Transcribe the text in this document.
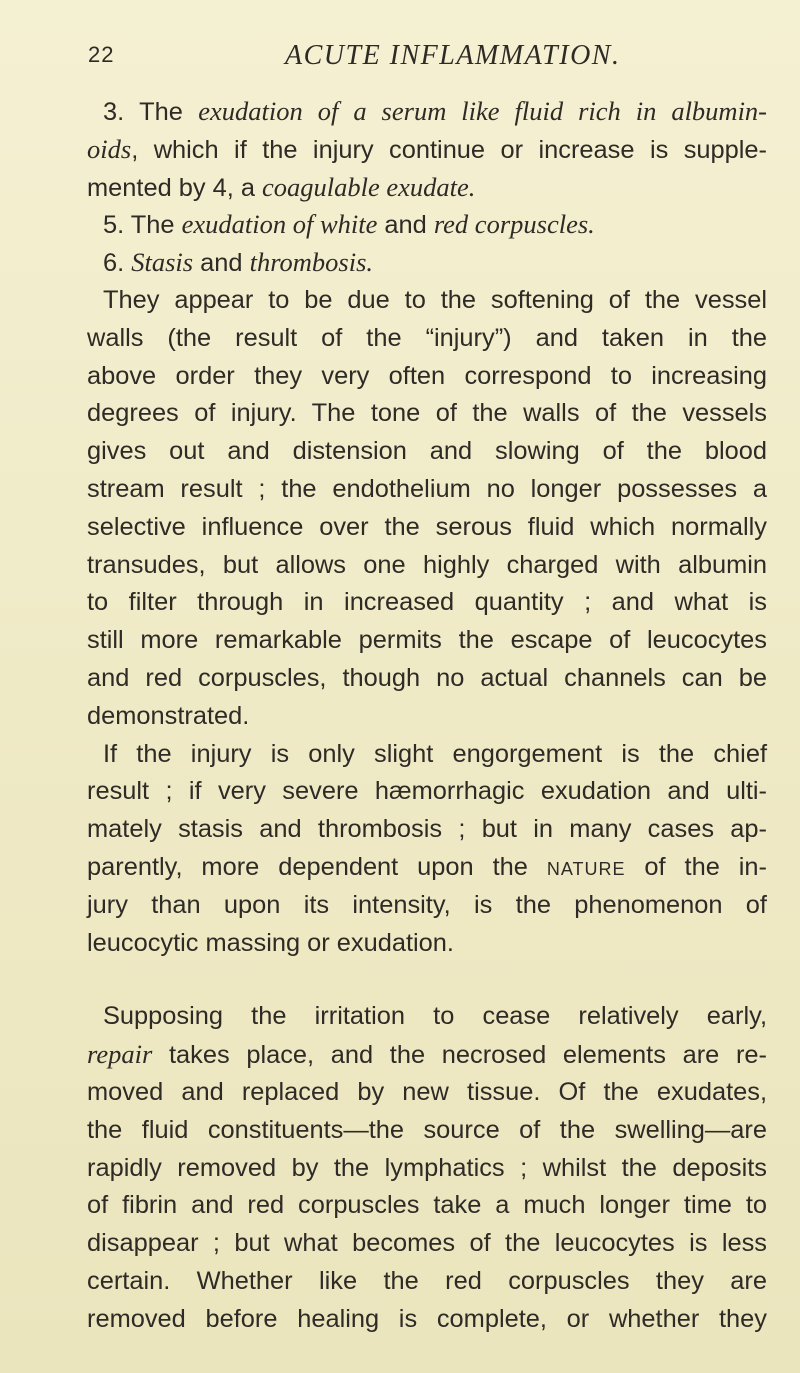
22	ACUTE INFLAMMATION.
3. The exudation of a serum like fluid rich in albumin-
oids, which if the injury continue or increase is supple-
mented by 4, a coagulable exudate.
5. The exudation of white and red corpuscles.
6. Stasis and thrombosis.
They appear to be due to the softening of the vessel
walls (the result of the “injury”) and taken in the
above order they very often correspond to increasing
degrees of injury. The tone of the walls of the vessels
gives out and distension and slowing of the blood
stream result ; the endothelium no longer possesses a
selective influence over the serous fluid which normally
transudes, but allows one highly charged with albumin
to filter through in increased quantity ; and what is
still more remarkable permits the escape of leucocytes
and red corpuscles, though no actual channels can be
demonstrated.
If the injury is only slight engorgement is the chief
result ; if very severe hæmorrhagic exudation and ulti-
mately stasis and thrombosis ; but in many cases ap-
parently, more dependent upon the nature of the in-
jury than upon its intensity, is the phenomenon of
leucocytic massing or exudation.
Supposing the irritation to cease relatively early,
repair takes place, and the necrosed elements are re-
moved and replaced by new tissue. Of the exudates,
the fluid constituents—the source of the swelling—are
rapidly removed by the lymphatics ; whilst the deposits
of fibrin and red corpuscles take a much longer time to
disappear ; but what becomes of the leucocytes is less
certain. Whether like the red corpuscles they are
removed before healing is complete, or whether they
